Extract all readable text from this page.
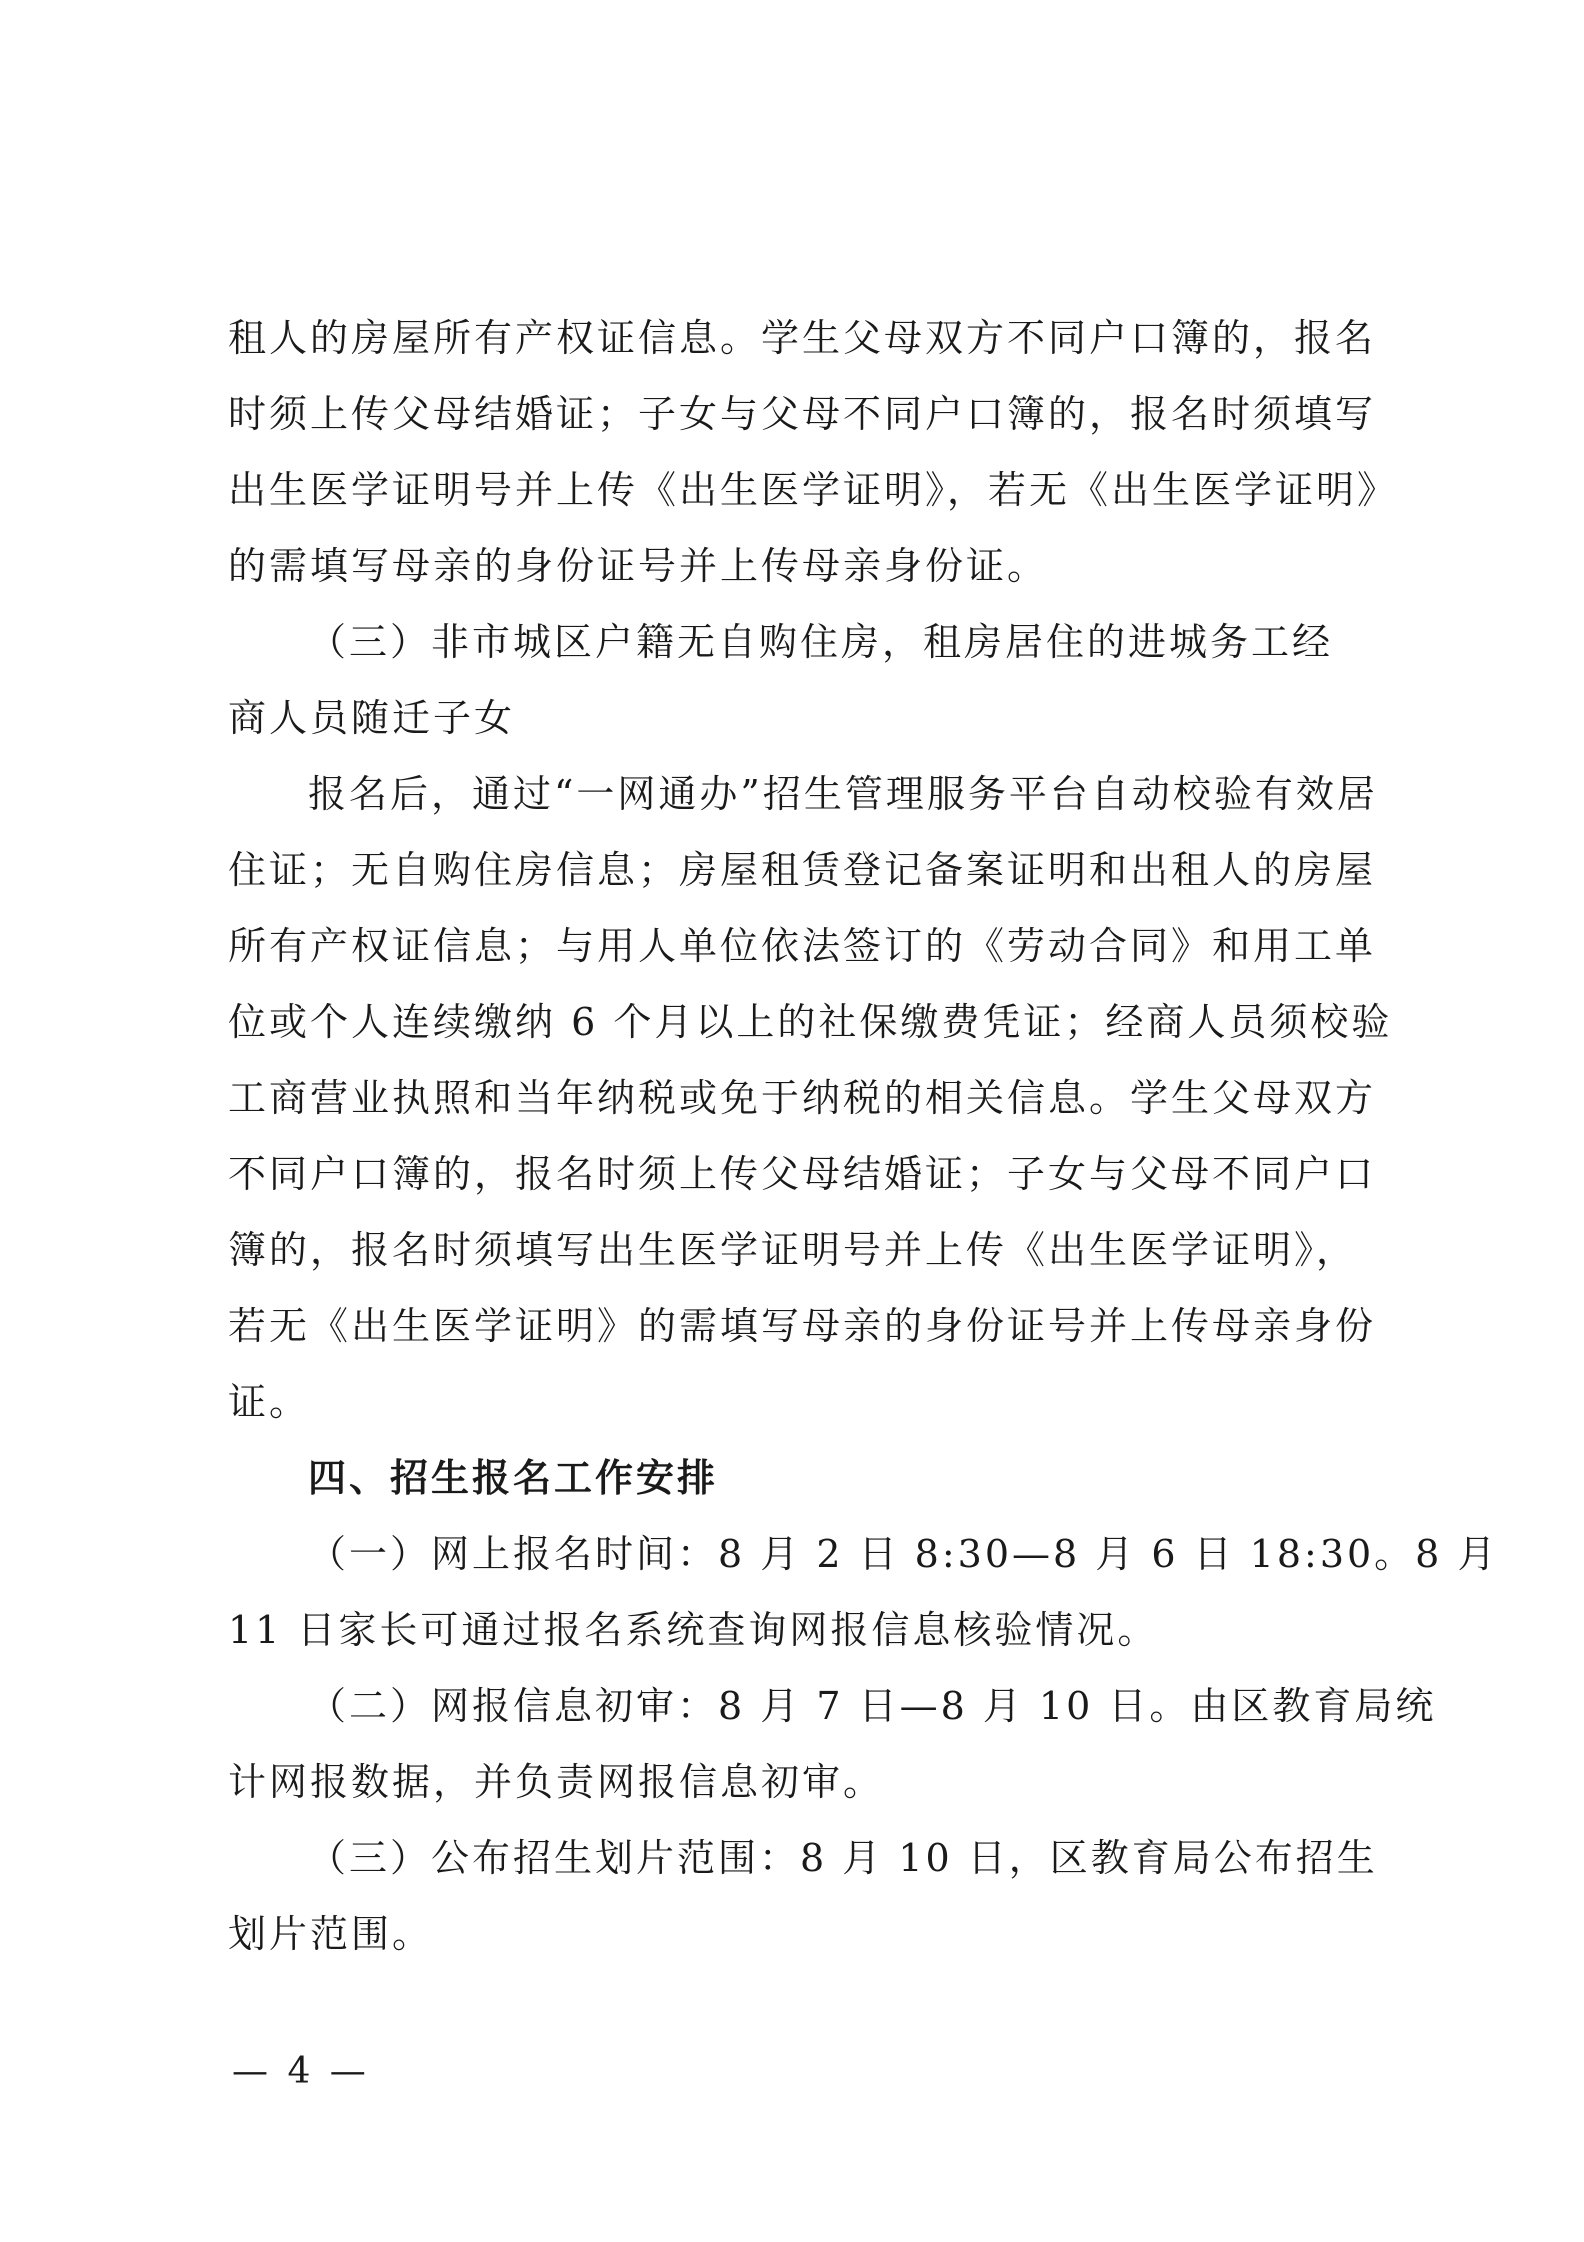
租人的房屋所有产权证信息。学生父母双方不同户口簿的，报名
时须上传父母结婚证；子女与父母不同户口簿的，报名时须填写
出生医学证明号并上传《出生医学证明》，若无《出生医学证明》
的需填写母亲的身份证号并上传母亲身份证。
（三）非市城区户籍无自购住房，租房居住的进城务工经
商人员随迁子女
报名后，通过“一网通办”招生管理服务平台自动校验有效居
住证；无自购住房信息；房屋租赁登记备案证明和出租人的房屋
所有产权证信息；与用人单位依法签订的《劳动合同》和用工单
位或个人连续缴纳 6 个月以上的社保缴费凭证；经商人员须校验
工商营业执照和当年纳税或免于纳税的相关信息。学生父母双方
不同户口簿的，报名时须上传父母结婚证；子女与父母不同户口
簿的，报名时须填写出生医学证明号并上传《出生医学证明》，
若无《出生医学证明》的需填写母亲的身份证号并上传母亲身份
证。
四、招生报名工作安排
（一）网上报名时间：8 月 2 日 8:30—8 月 6 日 18:30。8 月
11 日家长可通过报名系统查询网报信息核验情况。
（二）网报信息初审：8 月 7 日—8 月 10 日。由区教育局统
计网报数据，并负责网报信息初审。
（三）公布招生划片范围：8 月 10 日，区教育局公布招生
划片范围。
— 4 —
